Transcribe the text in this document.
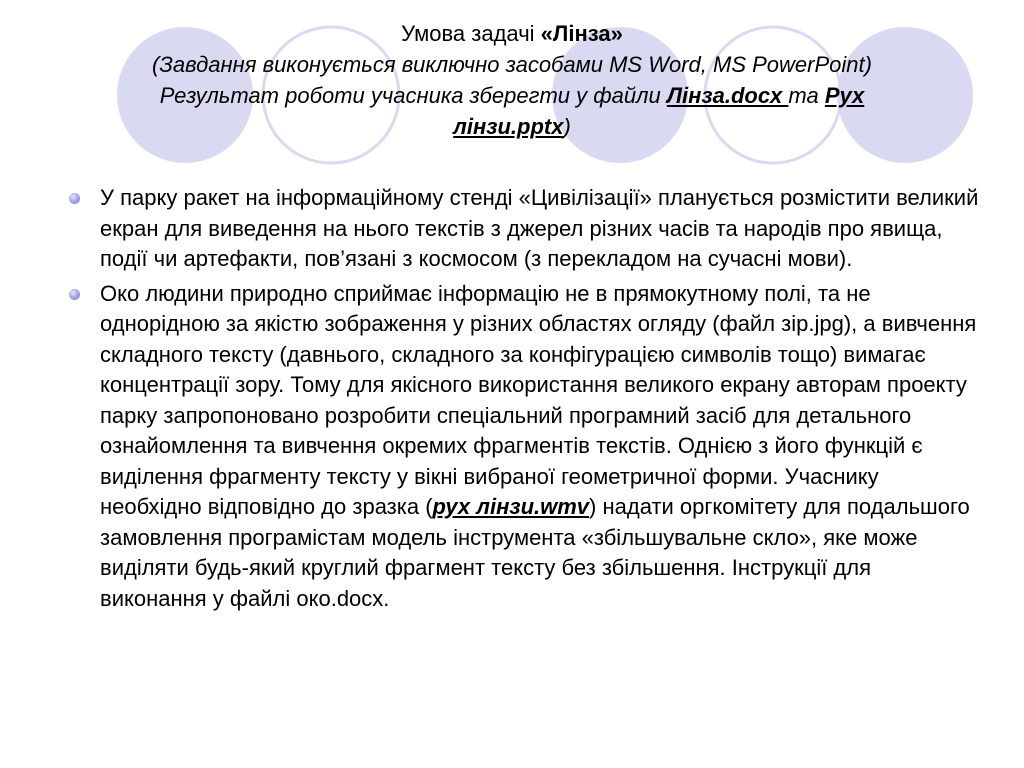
Умова задачі «Лінза»
(Завдання виконується виключно засобами MS Word, MS PowerPoint)
Результат роботи учасника зберегти у файли Лінза.docx та Рух
лінзи.pptx)
У парку ракет на інформаційному стенді «Цивілізації» планується розмістити великий екран для виведення на нього текстів з джерел різних часів та народів про явища, події чи артефакти, пов’язані з космосом (з перекладом на сучасні мови).
Око людини природно сприймає інформацію не в прямокутному полі, та не однорідною за якістю зображення у різних областях огляду (файл зір.jpg), а вивчення складного тексту (давнього, складного за конфігурацією символів тощо) вимагає концентрації зору. Тому для якісного використання великого екрану авторам проекту парку запропоновано розробити спеціальний програмний засіб для детального ознайомлення та вивчення окремих фрагментів текстів. Однією з його функцій є виділення фрагменту тексту у вікні вибраної геометричної форми. Учаснику необхідно відповідно до зразка (рух лінзи.wmv) надати оргкомітету для подальшого замовлення програмістам модель інструмента «збільшувальне скло», яке може виділяти будь-який круглий фрагмент тексту без збільшення. Інструкції для виконання у файлі око.docx.
